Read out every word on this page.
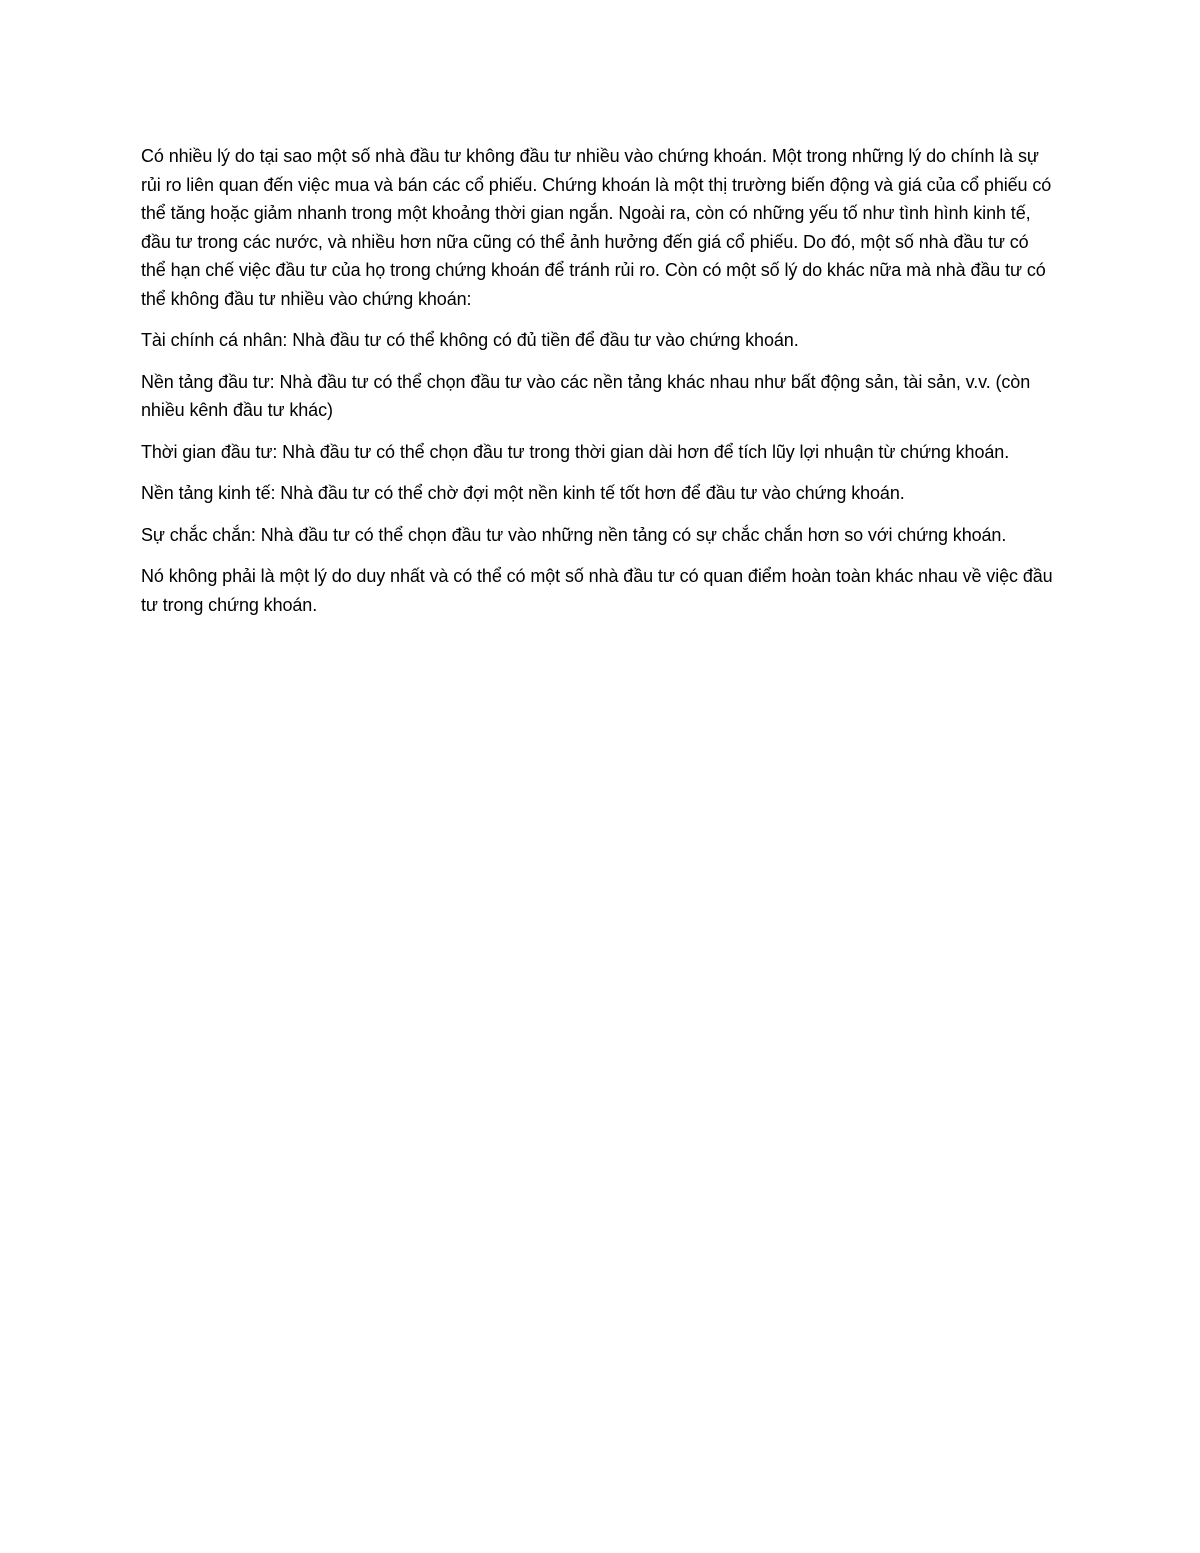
Có nhiều lý do tại sao một số nhà đầu tư không đầu tư nhiều vào chứng khoán. Một trong những lý do chính là sự rủi ro liên quan đến việc mua và bán các cổ phiếu. Chứng khoán là một thị trường biến động và giá của cổ phiếu có thể tăng hoặc giảm nhanh trong một khoảng thời gian ngắn. Ngoài ra, còn có những yếu tố như tình hình kinh tế, đầu tư trong các nước, và nhiều hơn nữa cũng có thể ảnh hưởng đến giá cổ phiếu. Do đó, một số nhà đầu tư có thể hạn chế việc đầu tư của họ trong chứng khoán để tránh rủi ro. Còn có một số lý do khác nữa mà nhà đầu tư có thể không đầu tư nhiều vào chứng khoán:

Tài chính cá nhân: Nhà đầu tư có thể không có đủ tiền để đầu tư vào chứng khoán.

Nền tảng đầu tư: Nhà đầu tư có thể chọn đầu tư vào các nền tảng khác nhau như bất động sản, tài sản, v.v. (còn nhiều kênh đầu tư khác)

Thời gian đầu tư: Nhà đầu tư có thể chọn đầu tư trong thời gian dài hơn để tích lũy lợi nhuận từ chứng khoán.

Nền tảng kinh tế: Nhà đầu tư có thể chờ đợi một nền kinh tế tốt hơn để đầu tư vào chứng khoán.

Sự chắc chắn: Nhà đầu tư có thể chọn đầu tư vào những nền tảng có sự chắc chắn hơn so với chứng khoán.

Nó không phải là một lý do duy nhất và có thể có một số nhà đầu tư có quan điểm hoàn toàn khác nhau về việc đầu tư trong chứng khoán.
